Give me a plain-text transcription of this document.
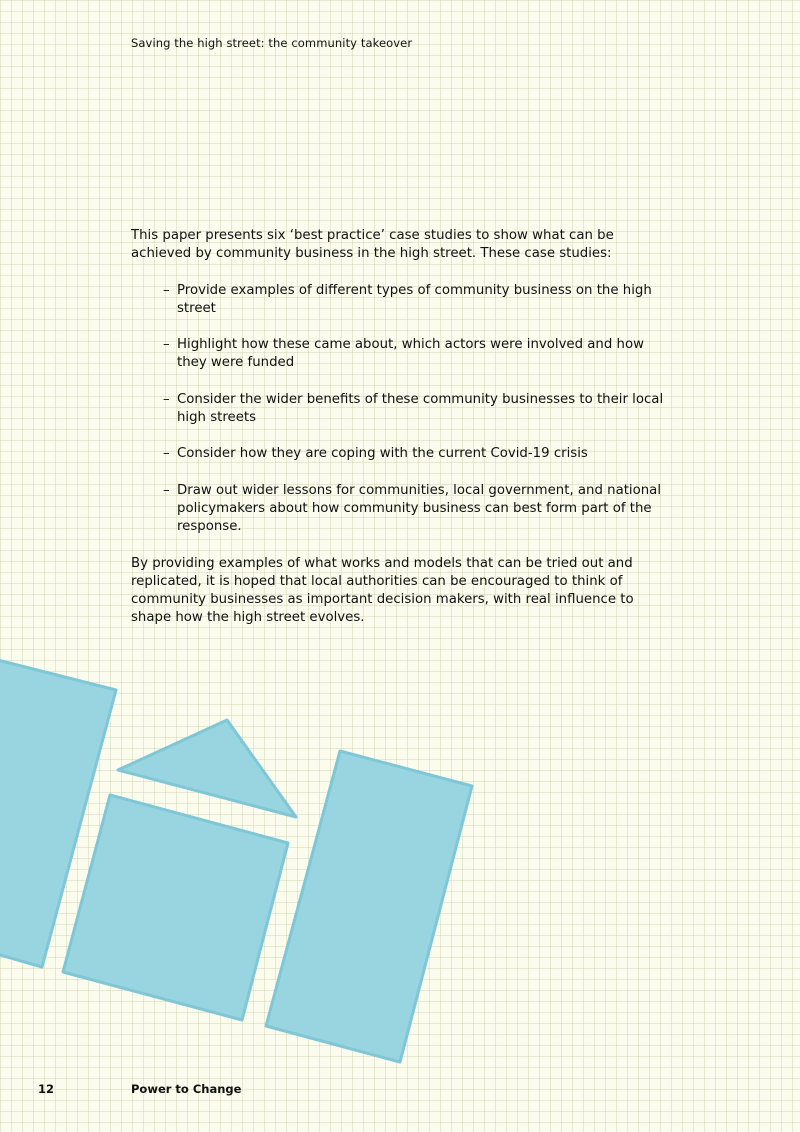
Saving the high street: the community takeover

This paper presents six ‘best practice’ case studies to show what can be achieved by community business in the high street. These case studies:

– Provide examples of different types of community business on the high street
– Highlight how these came about, which actors were involved and how they were funded
– Consider the wider benefits of these community businesses to their local high streets
– Consider how they are coping with the current Covid-19 crisis
– Draw out wider lessons for communities, local government, and national policymakers about how community business can best form part of the response.

By providing examples of what works and models that can be tried out and replicated, it is hoped that local authorities can be encouraged to think of community businesses as important decision makers, with real influence to shape how the high street evolves.

12	Power to Change
